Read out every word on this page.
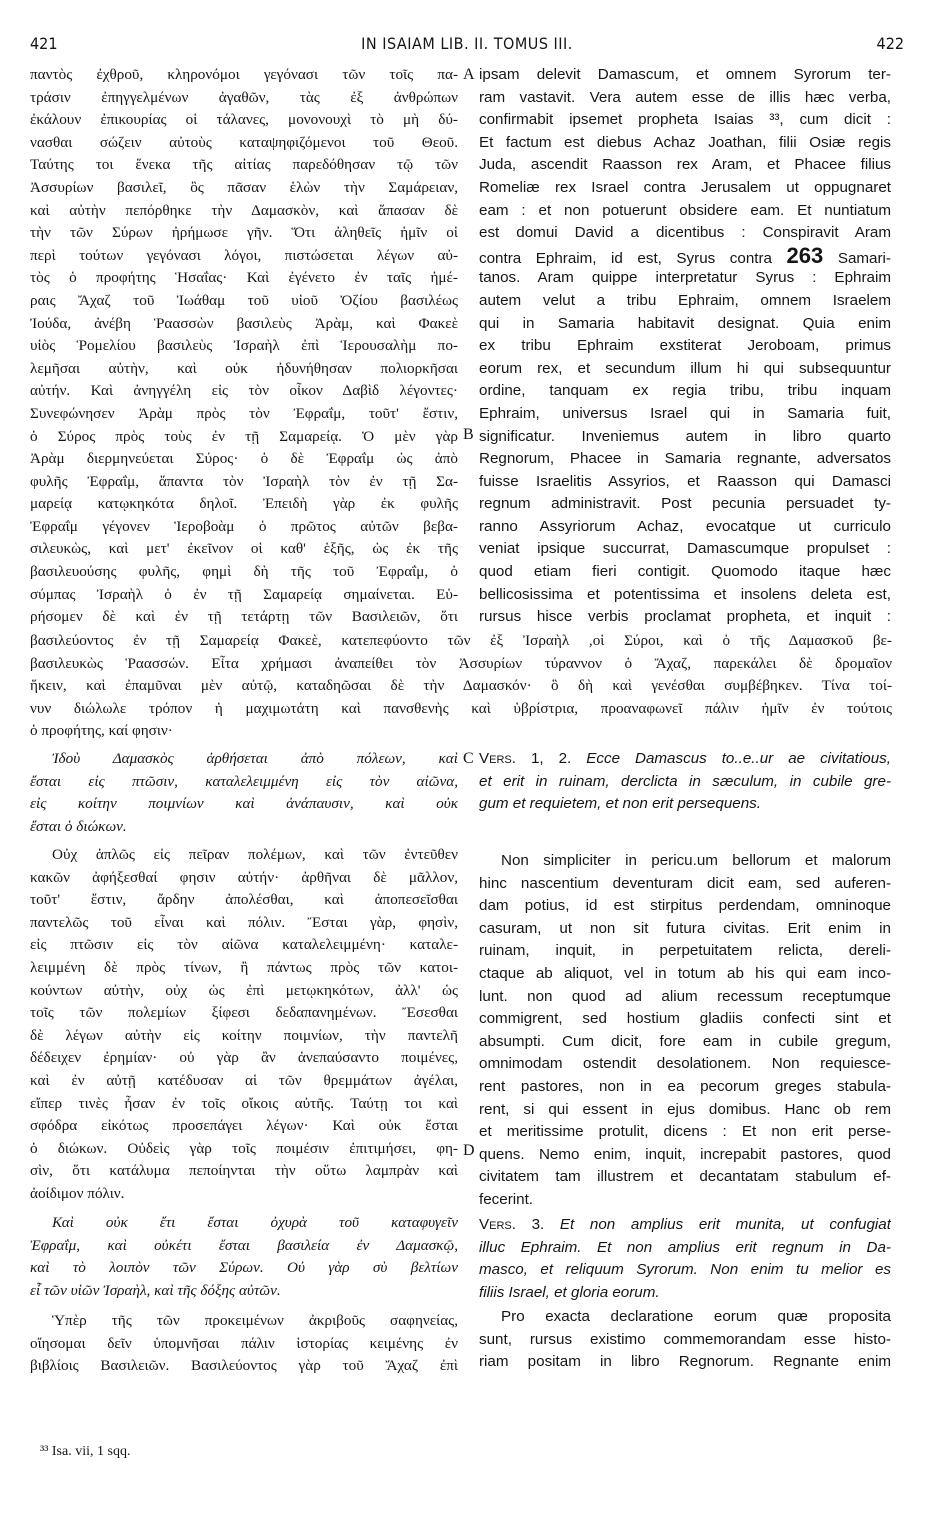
421	IN ISAIAM LIB. II. TOMUS III.	422
παντὸς ἐχθροῦ, κληρονόμοι γεγόνασι τῶν τοῖς πα-
τράσιν ἐπηγγελμένων ἀγαθῶν, τὰς ἐξ ἀνθρώπων
ἐκάλουν ἐπικουρίας οἱ τάλανες, μονονουχὶ τὸ μὴ δύ-
νασθαι σώζειν αὐτοὺς καταψηφιζόμενοι τοῦ Θεοῦ.
Ταύτης τοι ἕνεκα τῆς αἰτίας παρεδόθησαν τῷ τῶν
Ἀσσυρίων βασιλεῖ, ὃς πᾶσαν ἑλὼν τὴν Σαμάρειαν,
καὶ αὐτὴν πεπόρθηκε τὴν Δαμασκὸν, καὶ ἅπασαν δὲ
τὴν τῶν Σύρων ἠρήμωσε γῆν. Ὅτι ἀληθεῖς ἡμῖν οἱ
περὶ τούτων γεγόνασι λόγοι, πιστώσεται λέγων αὐ-
τὸς ὁ προφήτης Ἡσαΐας· Καὶ ἐγένετο ἐν ταῖς ἡμέ-
ραις Ἄχαζ τοῦ Ἰωάθαμ τοῦ υἱοῦ Ὀζίου βασιλέως
Ἰούδα, ἀνέβη Ῥαασσὼν βασιλεὺς Ἀρὰμ, καὶ Φακεὲ
υἱὸς Ῥομελίου βασιλεὺς Ἰσραὴλ ἐπὶ Ἱερουσαλὴμ πο-
λεμῆσαι αὐτὴν, καὶ οὐκ ἠδυνήθησαν πολιορκῆσαι
αὐτήν. Καὶ ἀνηγγέλη εἰς τὸν οἶκον Δαβὶδ λέγοντες·
Συνεφώνησεν Ἀρὰμ πρὸς τὸν Ἐφραΐμ, τοῦτ' ἔστιν,
ὁ Σύρος πρὸς τοὺς ἐν τῇ Σαμαρείᾳ. Ὁ μὲν γὰρ
Ἀρὰμ διερμηνεύεται Σύρος· ὁ δὲ Ἐφραΐμ ὡς ἀπὸ
φυλῆς Ἐφραΐμ, ἅπαντα τὸν Ἰσραὴλ τὸν ἐν τῇ Σα-
μαρείᾳ κατῳκηκότα δηλοῖ. Ἐπειδὴ γὰρ ἐκ φυλῆς
Ἐφραΐμ γέγονεν Ἱεροβοὰμ ὁ πρῶτος αὐτῶν βεβα-
σιλευκὼς, καὶ μετ' ἐκεῖνον οἱ καθ' ἑξῆς, ὡς ἐκ τῆς
βασιλευούσης φυλῆς, φημὶ δὴ τῆς τοῦ Ἐφραΐμ, ὁ
σύμπας Ἰσραὴλ ὁ ἐν τῇ Σαμαρείᾳ σημαίνεται. Εὑ-
ρήσομεν δὲ καὶ ἐν τῇ τετάρτῃ τῶν Βασιλειῶν, ὅτι
ipsam delevit Damascum, et omnem Syrorum ter-
ram vastavit. Vera autem esse de illis hæc verba,
confirmabit ipsemet propheta Isaias ³³, cum dicit :
Et factum est diebus Achaz Joathan, filii Osiæ regis
Juda, ascendit Raasson rex Aram, et Phacee filius
Romeliæ rex Israel contra Jerusalem ut oppugnaret
eam : et non potuerunt obsidere eam. Et nuntiatum
est domui David a dicentibus : Conspiravit Aram
contra Ephraim, id est, Syrus contra 263 Samari-
tanos. Aram quippe interpretatur Syrus : Ephraim
autem velut a tribu Ephraim, omnem Israelem
qui in Samaria habitavit designat. Quia enim
ex tribu Ephraim exstiterat Jeroboam, primus
eorum rex, et secundum illum hi qui subsequuntur
ordine, tanquam ex regia tribu, tribu inquam
Ephraim, universus Israel qui in Samaria fuit,
significatur. Inveniemus autem in libro quarto
Regnorum, Phacee in Samaria regnante, adversatos
fuisse Israelitis Assyrios, et Raasson qui Damasci
regnum administravit. Post pecunia persuadet ty-
ranno Assyriorum Achaz, evocatque ut curriculo
veniat ipsique succurrat, Damascumque propulset :
quod etiam fieri contigit. Quomodo itaque hæc
bellicosissima et potentissima et insolens deleta est,
rursus hisce verbis proclamat propheta, et inquit :
A
B
βασιλεύοντος ἐν τῇ Σαμαρείᾳ Φακεὲ, κατεπεφύοντο τῶν ἐξ Ἰσραὴλ ,οἱ Σύροι, καὶ ὁ τῆς Δαμασκοῦ βε-
βασιλευκὼς Ῥαασσών. Εἶτα χρήμασι ἀναπείθει τὸν Ἀσσυρίων τύραννον ὁ Ἄχαζ, παρεκάλει δὲ δρομαῖον
ἥκειν, καὶ ἐπαμῦναι μὲν αὐτῷ, καταδηῶσαι δὲ τὴν Δαμασκόν· ὃ δὴ καὶ γενέσθαι συμβέβηκεν. Τίνα τοί-
νυν διώλωλε τρόπον ἡ μαχιμωτάτη καὶ πανσθενὴς καὶ ὑβρίστρια, προαναφωνεῖ πάλιν ἡμῖν ἐν τούτοις
ὁ προφήτης, καί φησιν·
Ἰδοὺ Δαμασκὸς ἀρθήσεται ἀπὸ πόλεων, καὶ
ἔσται εἰς πτῶσιν, καταλελειμμένη εἰς τὸν αἰῶνα,
εἰς κοίτην ποιμνίων καὶ ἀνάπαυσιν, καὶ οὐκ
ἔσται ὁ διώκων.
C Vers. 1, 2. Ecce Damascus to..e..ur ae civitatious,
et erit in ruinam, derclicta in sæculum, in cubile gre-
gum et requietem, et non erit persequens.
Οὐχ ἁπλῶς εἰς πεῖραν πολέμων, καὶ τῶν ἐντεῦθεν
κακῶν ἀφήξεσθαί φησιν αὐτήν· ἀρθῆναι δὲ μᾶλλον,
τοῦτ' ἔστιν, ἄρδην ἀπολέσθαι, καὶ ἀποπεσεῖσθαι
παντελῶς τοῦ εἶναι καὶ πόλιν. Ἔσται γὰρ, φησὶν,
εἰς πτῶσιν εἰς τὸν αἰῶνα καταλελειμμένη· καταλε-
λειμμένη δὲ πρὸς τίνων, ἢ πάντως πρὸς τῶν κατοι-
κούντων αὐτὴν, οὐχ ὡς ἐπὶ μετῳκηκότων, ἀλλ' ὡς
τοῖς τῶν πολεμίων ξίφεσι δεδαπανημένων. Ἔσεσθαι
δὲ λέγων αὐτὴν εἰς κοίτην ποιμνίων, τὴν παντελῆ
δέδειχεν ἐρημίαν· οὐ γὰρ ἂν ἀνεπαύσαντο ποιμένες,
καὶ ἐν αὐτῇ κατέδυσαν αἱ τῶν θρεμμάτων ἀγέλαι,
εἴπερ τινὲς ἦσαν ἐν τοῖς οἴκοις αὐτῆς. Ταύτῃ τοι καὶ
σφόδρα εἰκότως προσεπάγει λέγων· Καὶ οὐκ ἔσται
ὁ διώκων. Οὐδεὶς γὰρ τοῖς ποιμέσιν ἐπιτιμήσει, φη-
σὶν, ὅτι κατάλυμα πεποίηνται τὴν οὕτω λαμπρὰν καὶ
ἀοίδιμον πόλιν.
Non simpliciter in pericu.um bellorum et malorum
hinc nascentium deventuram dicit eam, sed auferen-
dam potius, id est stirpitus perdendam, omninoque
casuram, ut non sit futura civitas. Erit enim in
ruinam, inquit, in perpetuitatem relicta, dereli-
ctaque ab aliquot, vel in totum ab his qui eam inco-
lunt. non quod ad alium recessum receptumque
commigrent, sed hostium gladiis confecti sint et
absumpti. Cum dicit, fore eam in cubile gregum,
omnimodam ostendit desolationem. Non requiesce-
rent pastores, non in ea pecorum greges stabula-
rent, si qui essent in ejus domibus. Hanc ob rem
et meritissime protulit, dicens : Et non erit perse-
quens. Nemo enim, inquit, increpabit pastores, quod
civitatem tam illustrem et decantatam stabulum ef-
fecerint.
D
Καὶ οὐκ ἔτι ἔσται ὀχυρὰ τοῦ καταφυγεῖν
Ἐφραΐμ, καὶ οὐκέτι ἔσται βασιλεία ἐν Δαμασκῷ,
καὶ τὸ λοιπὸν τῶν Σύρων. Οὐ γὰρ σὺ βελτίων
εἶ τῶν υἱῶν Ἰσραὴλ, καὶ τῆς δόξης αὐτῶν.
Vers. 3. Et non amplius erit munita, ut confugiat
illuc Ephraim. Et non amplius erit regnum in Da-
masco, et reliquum Syrorum. Non enim tu melior es
filiis Israel, et gloria eorum.
Ὑπὲρ τῆς τῶν προκειμένων ἀκριβοῦς σαφηνείας,
οἴησομαι δεῖν ὑπομνῆσαι πάλιν ἱστορίας κειμένης ἐν
βιβλίοις Βασιλειῶν. Βασιλεύοντος γὰρ τοῦ Ἄχαζ ἐπὶ
Pro exacta declaratione eorum quæ proposita
sunt, rursus existimo commemorandam esse histo-
riam positam in libro Regnorum. Regnante enim
³³ Isa. vii, 1 sqq.
